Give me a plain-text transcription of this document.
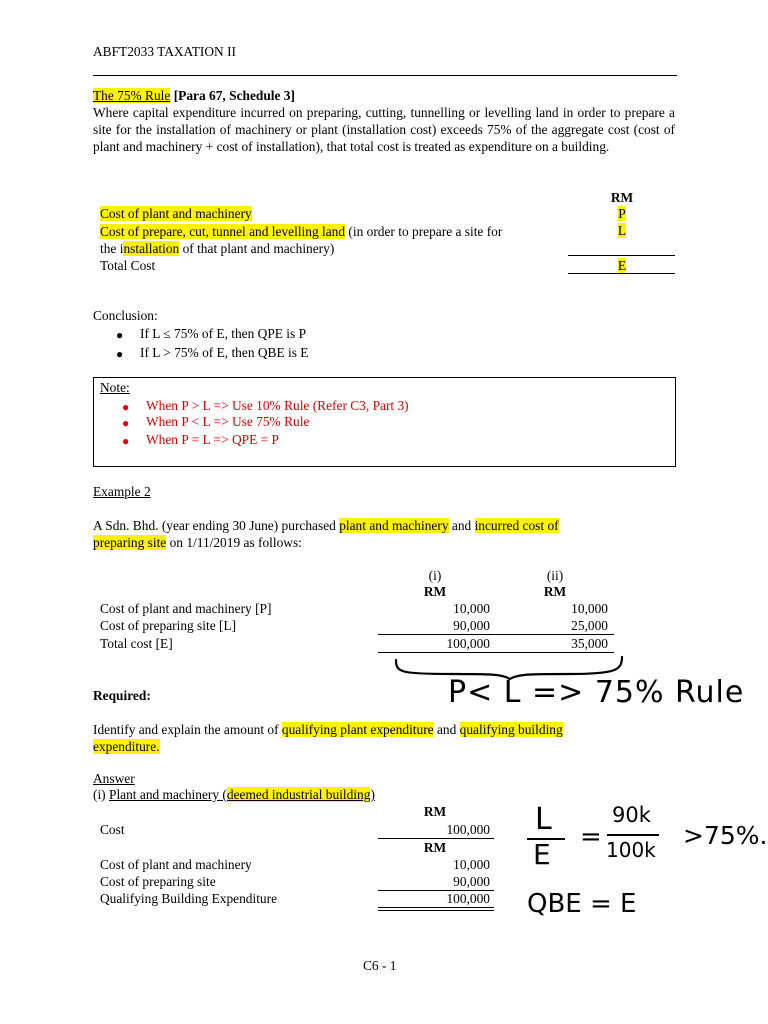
ABFT2033 TAXATION II
The 75% Rule [Para 67, Schedule 3]
Where capital expenditure incurred on preparing, cutting, tunnelling or levelling land in order to prepare a site for the installation of machinery or plant (installation cost) exceeds 75% of the aggregate cost (cost of plant and machinery + cost of installation), that total cost is treated as expenditure on a building.
RM
Cost of plant and machinery	P
Cost of prepare, cut, tunnel and levelling land (in order to prepare a site for
the installation of that plant and machinery)
L
Total Cost	E
Conclusion:
● If L ≤ 75% of E, then QPE is P
● If L > 75% of E, then QBE is E
Note:
● When P > L => Use 10% Rule (Refer C3, Part 3)
● When P < L => Use 75% Rule
● When P = L => QPE = P
Example 2
A Sdn. Bhd. (year ending 30 June) purchased plant and machinery and incurred cost of
preparing site on 1/11/2019 as follows:
(i)	(ii)
RM	RM
Cost of plant and machinery [P]	10,000	10,000
Cost of preparing site [L]	90,000	25,000
Total cost [E]	100,000	35,000
P< L => 75% Rule
Required:
Identify and explain the amount of qualifying plant expenditure and qualifying building
expenditure.
Answer
(i) Plant and machinery (deemed industrial building)
RM
Cost	100,000
RM
Cost of plant and machinery	10,000
Cost of preparing site	90,000
Qualifying Building Expenditure	100,000
L
E
=
90k
100k >75%.
QBE = E
C6 - 1
